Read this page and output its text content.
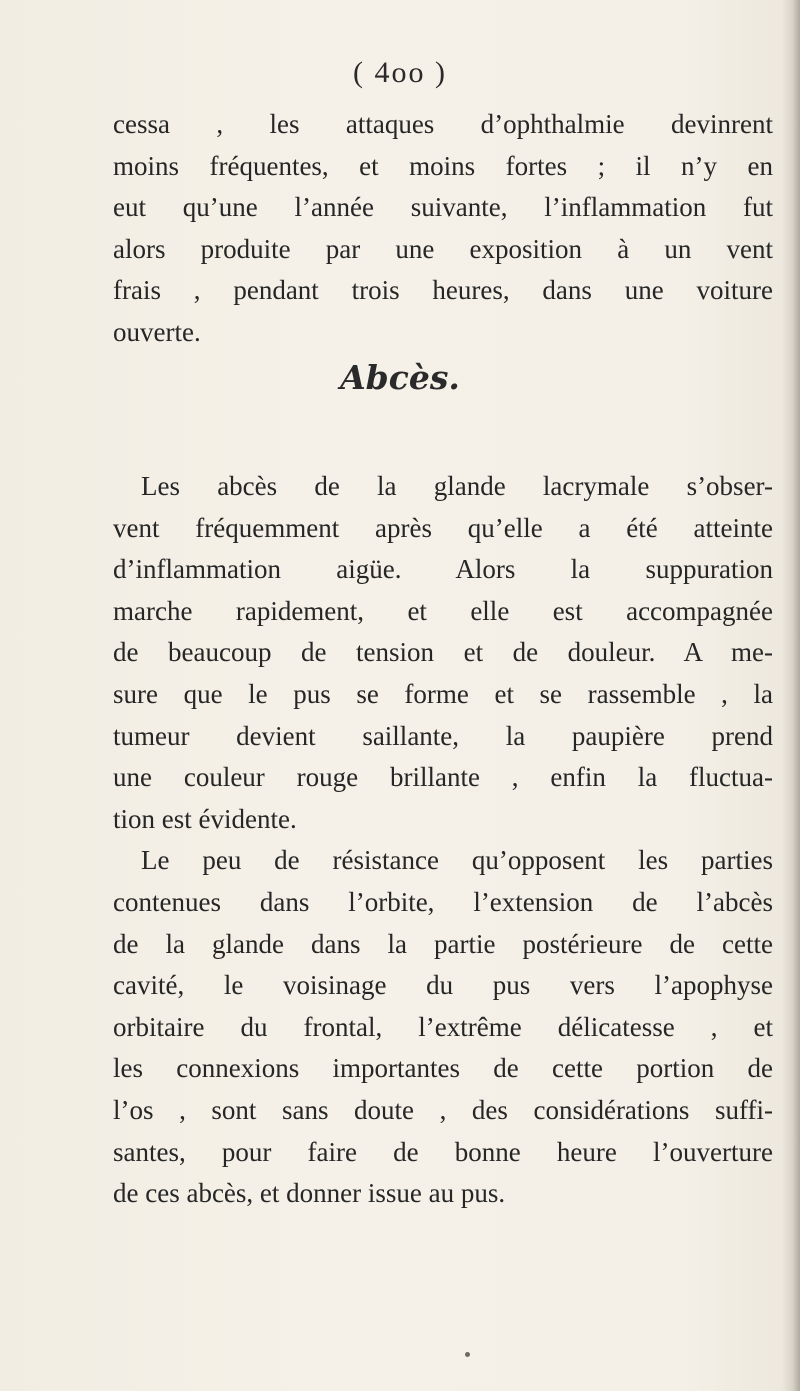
( 4oo )
cessa , les attaques d’ophthalmie devinrent
moins fréquentes, et moins fortes ; il n’y en
eut qu’une l’année suivante, l’inflammation fut
alors produite par une exposition à un vent
frais , pendant trois heures, dans une voiture
ouverte.
Abcès.
Les abcès de la glande lacrymale s’obser-
vent fréquemment après qu’elle a été atteinte
d’inflammation aigüe. Alors la suppuration
marche rapidement, et elle est accompagnée
de beaucoup de tension et de douleur. A me-
sure que le pus se forme et se rassemble , la
tumeur devient saillante, la paupière prend
une couleur rouge brillante , enfin la fluctua-
tion est évidente.
Le peu de résistance qu’opposent les parties
contenues dans l’orbite, l’extension de l’abcès
de la glande dans la partie postérieure de cette
cavité, le voisinage du pus vers l’apophyse
orbitaire du frontal, l’extrême délicatesse , et
les connexions importantes de cette portion de
l’os , sont sans doute , des considérations suffi-
santes, pour faire de bonne heure l’ouverture
de ces abcès, et donner issue au pus.
